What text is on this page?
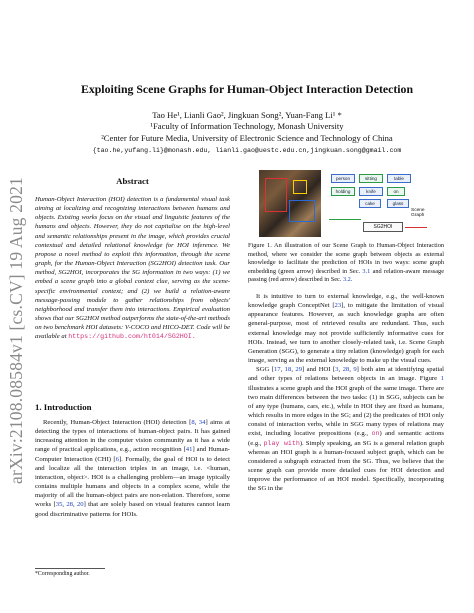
arXiv:2108.08584v1 [cs.CV] 19 Aug 2021
Exploiting Scene Graphs for Human-Object Interaction Detection
Tao He¹, Lianli Gao², Jingkuan Song², Yuan-Fang Li¹ *
¹Faculty of Information Technology, Monash University
²Center for Future Media, University of Electronic Science and Technology of China
{tao.he,yufang.li}@monash.edu, lianli.gao@uestc.edu.cn,jingkuan.song@gmail.com
Abstract
Human-Object Interaction (HOI) detection is a fundamental visual task aiming at localizing and recognizing interactions between humans and objects. Existing works focus on the visual and linguistic features of the humans and objects. However, they do not capitalise on the high-level and semantic relationships present in the image, which provides crucial contextual and detailed relational knowledge for HOI inference. We propose a novel method to exploit this information, through the scene graph, for the Human-Object Interaction (SG2HOI) detection task. Our method, SG2HOI, incorporates the SG information in two ways: (1) we embed a scene graph into a global context clue, serving as the scene-specific environmental context; and (2) we build a relation-aware message-passing module to gather relationships from objects' neighborhood and transfer them into interactions. Empirical evaluation shows that our SG2HOI method outperforms the state-of-the-art methods on two benchmark HOI datasets: V-COCO and HICO-DET. Code will be available at https://github.com/ht014/SG2HOI.
1. Introduction

Recently, Human-Object Interaction (HOI) detection [8, 34] aims at detecting the types of interactions of human-object pairs. It has gained increasing attention in the computer vision community as it has a wide range of practical applications, e.g., action recognition [41] and Human-Computer Interaction (CHI) [6]. Formally, the goal of HOI is to detect and localize all the interaction triples in an image, i.e. <human, interaction, object>. HOI is a challenging problem—an image typically contains multiple humans and objects in a complex scene, while the majority of all the human-object pairs are non-relation. Therefore, some works [35, 28, 20] that are solely based on visual features cannot learn good discriminative patterns for HOIs.

*Corresponding author.
person	sitting	table
holding	knife	on
cake	glass
Scene Graph
SG2HOI
Figure 1. An illustration of our Scene Graph to Human-Object Interaction method, where we consider the scene graph between objects as external knowledge to facilitate the prediction of HOIs in two ways: scene graph embedding (green arrow) described in Sec. 3.1 and relation-aware message passing (red arrow) described in Sec. 3.2.

It is intuitive to turn to external knowledge, e.g., the well-known knowledge graph ConceptNet [23], to mitigate the limitation of visual appearance features. However, as such knowledge graphs are often general-purpose, most of retrieved results are redundant. Thus, such external knowledge may not provide sufficiently informative cues for HOIs. Instead, we turn to another closely-related task, i.e. Scene Graph Generation (SGG), to generate a tiny relation (knowledge) graph for each image, serving as the external knowledge to make up the visual cues.

SGG [17, 18, 29] and HOI [3, 28, 9] both aim at identifying spatial and other types of relations between objects in an image. Figure 1 illustrates a scene graph and the HOI graph of the same image. There are two main differences between the two tasks: (1) in SGG, subjects can be of any type (humans, cars, etc.), while in HOI they are fixed as humans, which results in more edges in the SG; and (2) the predicates of HOI only consist of interaction verbs, while in SGG many types of relations may exist, including locative prepositions (e.g., on) and semantic actions (e.g., play with). Simply speaking, an SG is a general relation graph whereas an HOI graph is a human-focused subject graph, which can be considered a subgraph extracted from the SG. Thus, we believe that the scene graph can provide more detailed cues for HOI detection and improve the performance of an HOI model. Specifically, incorporating the SG in the
